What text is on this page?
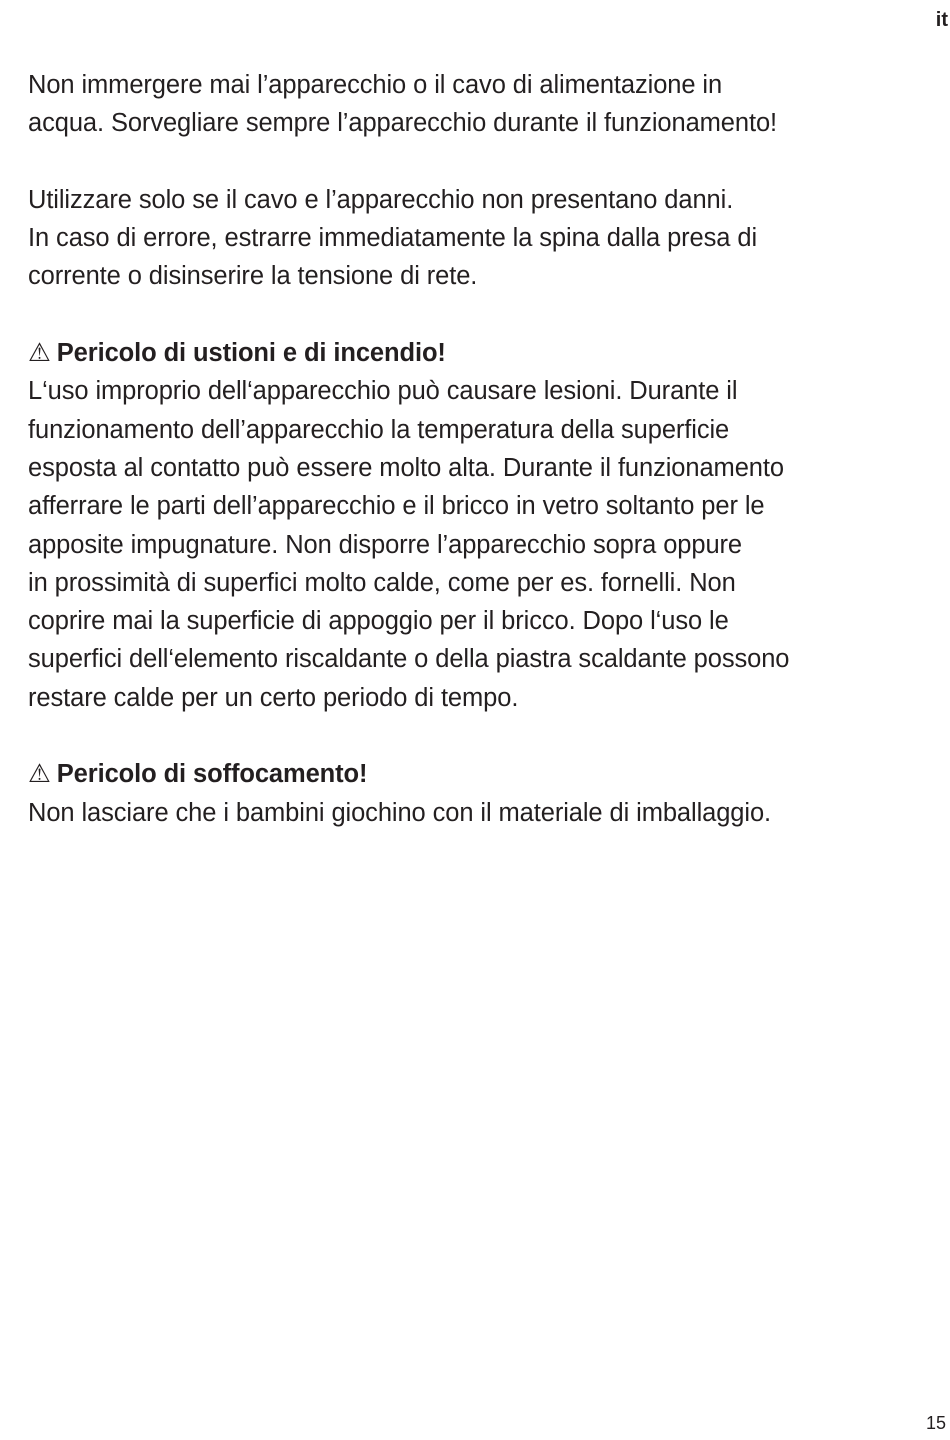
it
Non immergere mai l’apparecchio o il cavo di alimentazione in
acqua. Sorvegliare sempre l’apparecchio durante il funzionamento!
Utilizzare solo se il cavo e l’apparecchio non presentano danni.
In caso di errore, estrarre immediatamente la spina dalla presa di
corrente o disinserire la tensione di rete.
⚠ Pericolo di ustioni e di incendio!
L‘uso improprio dell‘apparecchio può causare lesioni. Durante il
funzionamento dell’apparecchio la temperatura della superficie
esposta al contatto può essere molto alta. Durante il funzionamento
afferrare le parti dell’apparecchio e il bricco in vetro soltanto per le
apposite impugnature. Non disporre l’apparecchio sopra oppure
in prossimità di superfici molto calde, come per es. fornelli. Non
coprire mai la superficie di appoggio per il bricco. Dopo l‘uso le
superfici dell‘elemento riscaldante o della piastra scaldante possono
restare calde per un certo periodo di tempo.
⚠ Pericolo di soffocamento!
Non lasciare che i bambini giochino con il materiale di imballaggio.
15
